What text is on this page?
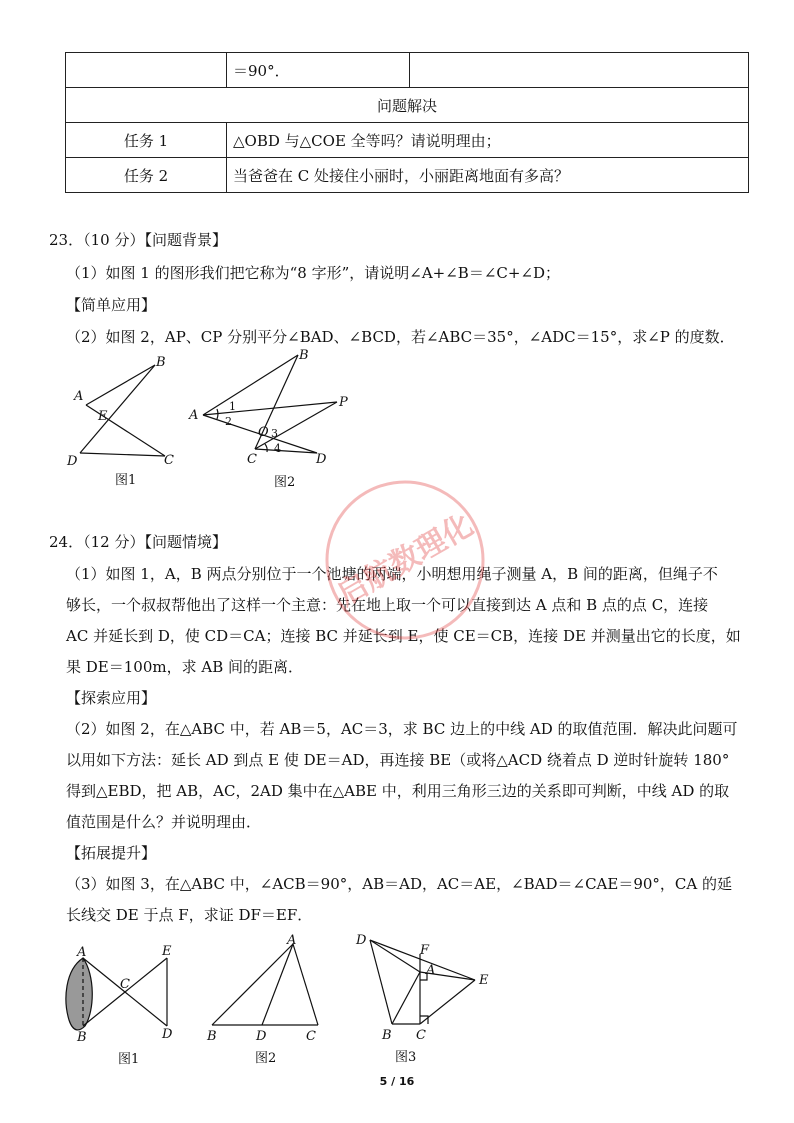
	＝90°．	
问题解决		
任务 1	△OBD 与△COE 全等吗？请说明理由；	
任务 2	当爸爸在 C 处接住小丽时，小丽距离地面有多高？	
23．（10 分）【问题背景】
（1）如图 1 的图形我们把它称为“8 字形”，请说明∠A+∠B＝∠C+∠D；
【简单应用】
（2）如图 2，AP、CP 分别平分∠BAD、∠BCD，若∠ABC＝35°，∠ADC＝15°，求∠P 的度数．
A
B
C
D
E
图1
A
B
C	D
P
O
1
2
3
4
图2
24．（12 分）【问题情境】
（1）如图 1，A，B 两点分别位于一个池塘的两端，小明想用绳子测量 A，B 间的距离，但绳子不
够长，一个叔叔帮他出了这样一个主意：先在地上取一个可以直接到达 A 点和 B 点的点 C，连接
AC 并延长到 D，使 CD＝CA；连接 BC 并延长到 E，使 CE＝CB，连接 DE 并测量出它的长度，如
果 DE＝100m，求 AB 间的距离．
【探索应用】
（2）如图 2，在△ABC 中，若 AB＝5，AC＝3，求 BC 边上的中线 AD 的取值范围．解决此问题可
以用如下方法：延长 AD 到点 E 使 DE＝AD，再连接 BE（或将△ACD 绕着点 D 逆时针旋转 180°
得到△EBD，把 AB，AC，2AD 集中在△ABE 中，利用三角形三边的关系即可判断，中线 AD 的取
值范围是什么？并说明理由．
【拓展提升】
（3）如图 3，在△ABC 中，∠ACB＝90°，AB＝AD，AC＝AE，∠BAD＝∠CAE＝90°，CA 的延
长线交 DE 于点 F，求证 DF＝EF．
A
B
C
D
E
图1
A
B	C
D
图2
D
F
A
E
B C
图3
启航数理化
5 / 16
